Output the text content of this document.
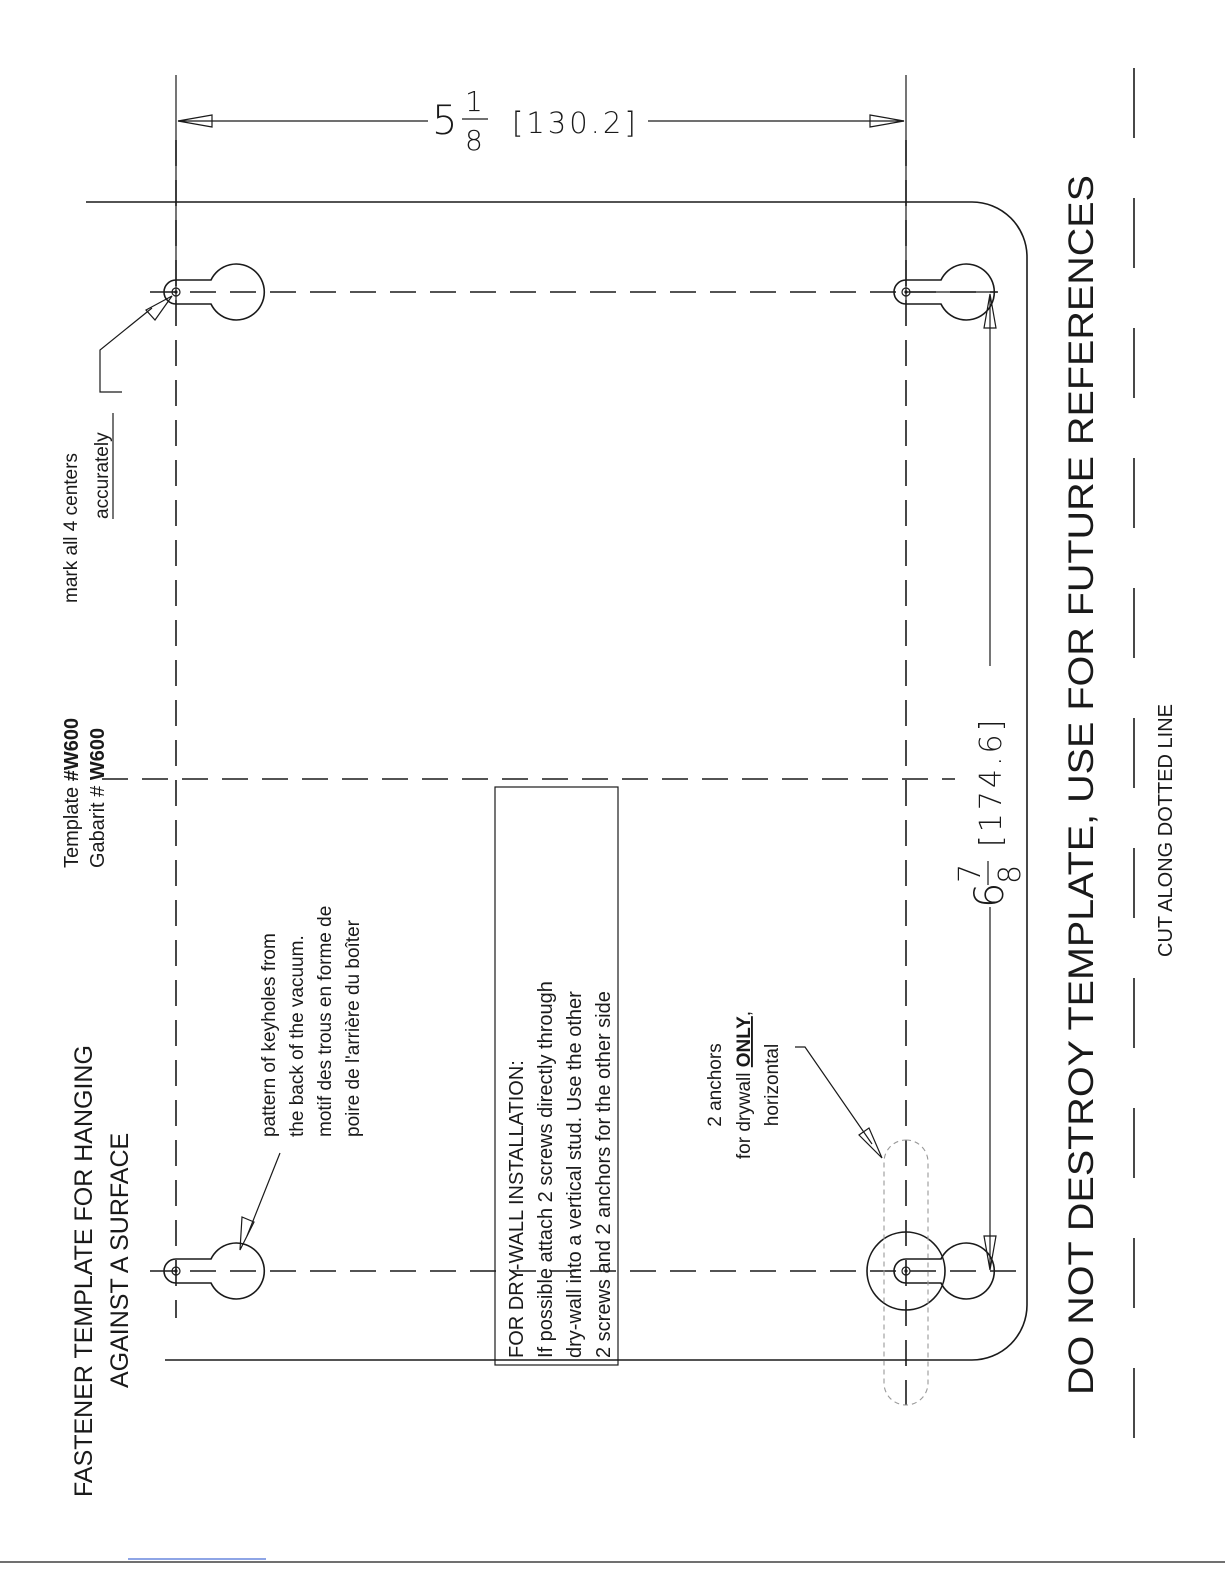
FASTENER TEMPLATE FOR HANGING AGAINST A SURFACE
Template #W600
Gabarit # W600
mark all 4 centers accurately
pattern of keyholes from the back of the vacuum. motif des trous en forme de poire de l'arrière du boîter
FOR DRY-WALL INSTALLATION: If possible attach 2 screws directly through dry-wall into a vertical stud. Use the other 2 screws and 2 anchors for the other side	2 anchors for drywall ONLY,
horizontal
6
7 8
[174.6] DO NOT DESTROY TEMPLATE, USE FOR FUTURE REFERENCES	CUT ALONG DOTTED LINE
5 1
8
[130.2]
